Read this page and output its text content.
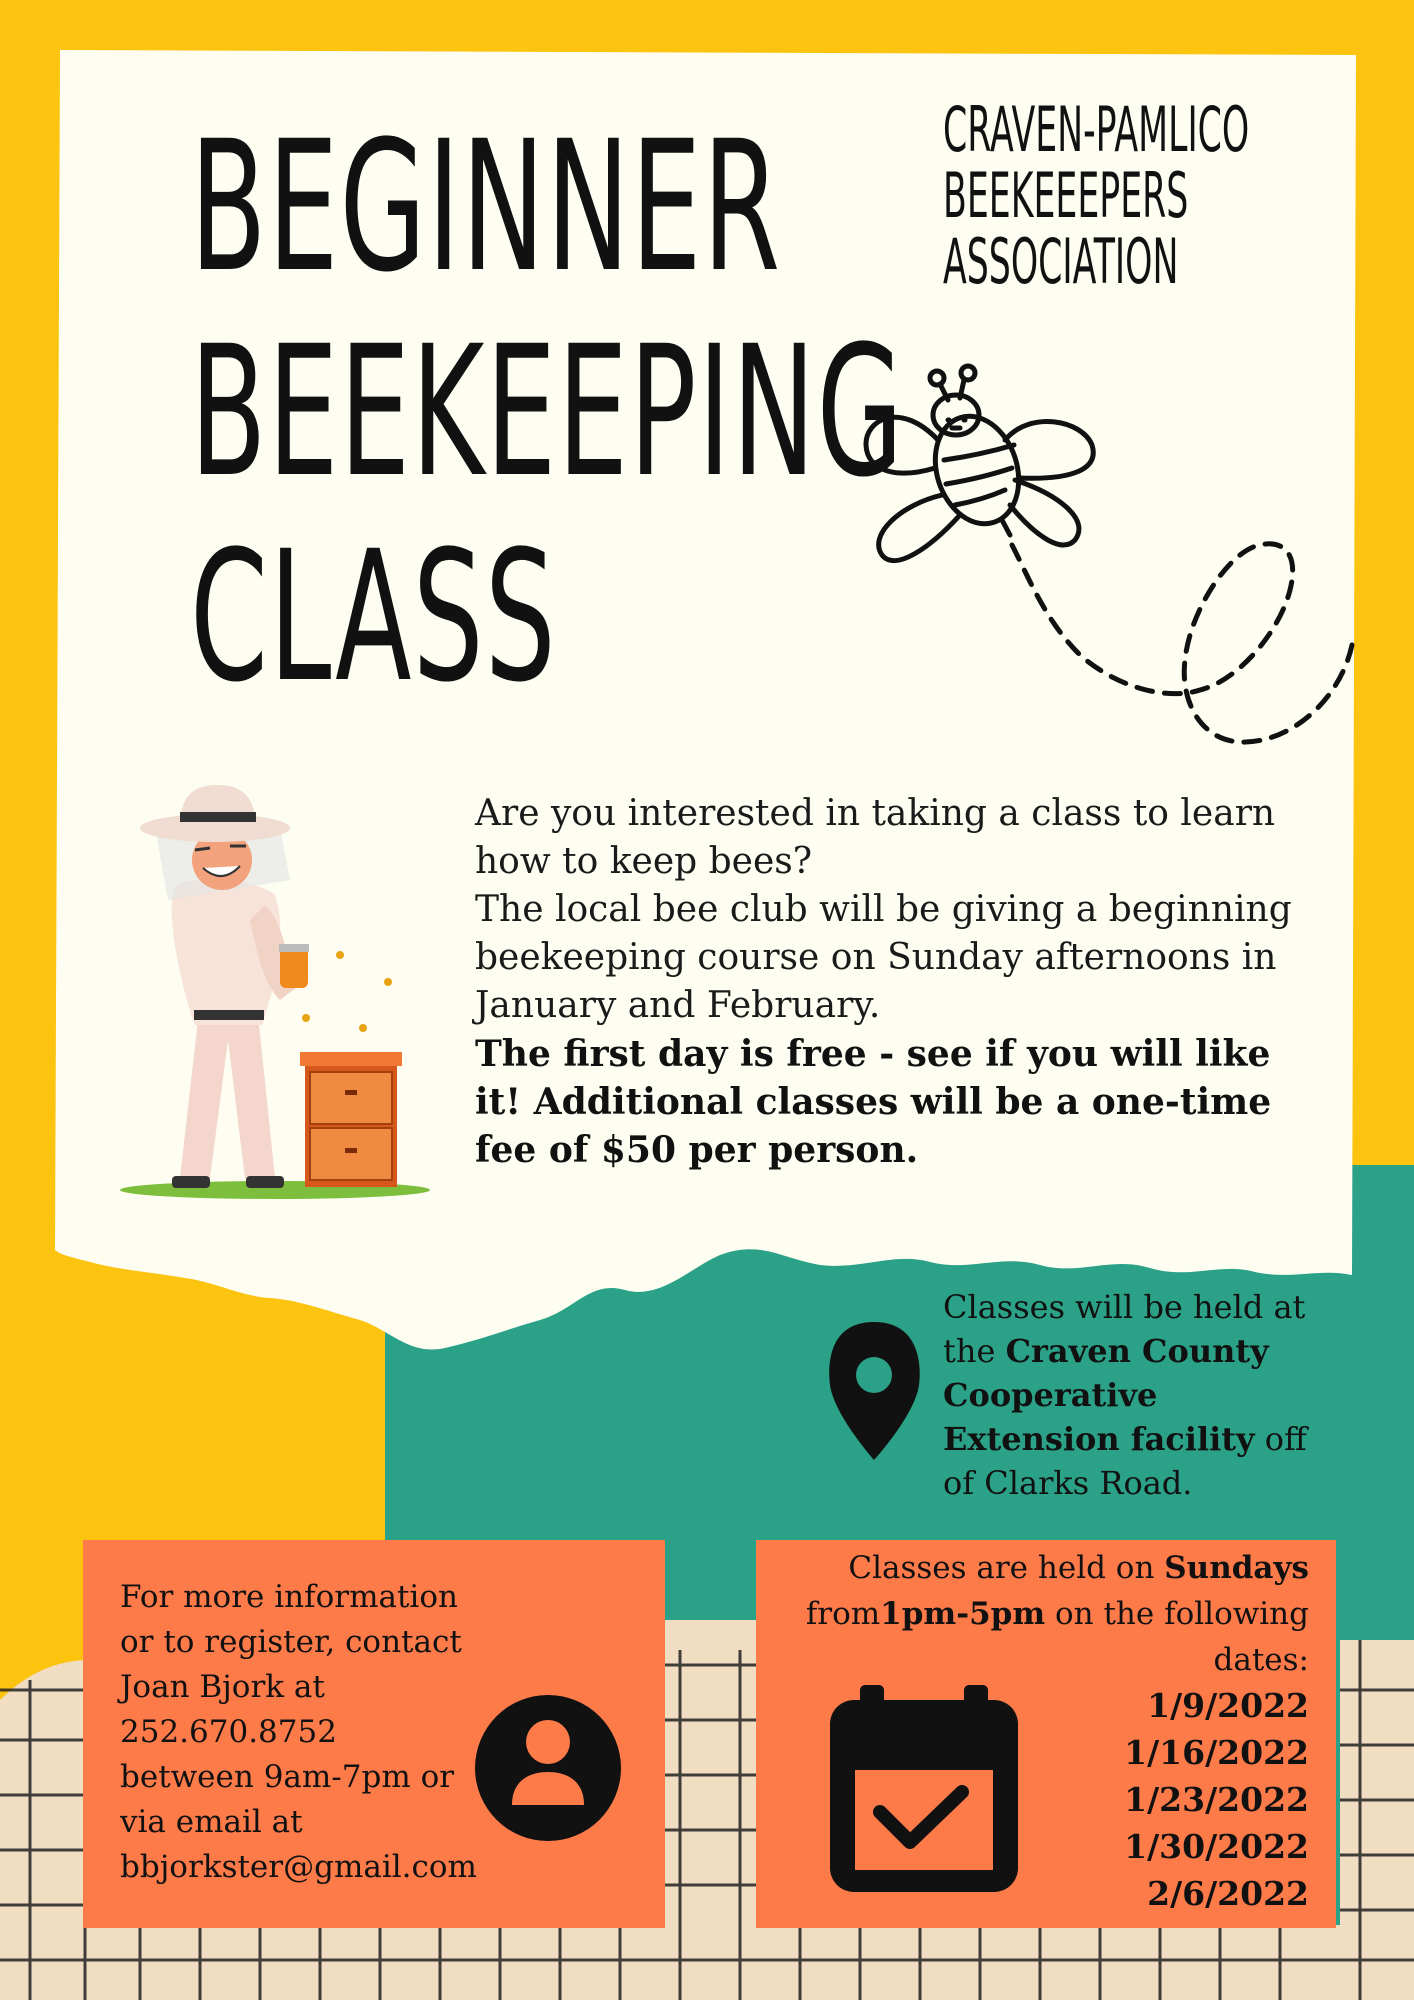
BEGINNER
BEEKEEPING
CLASS
CRAVEN-PAMLICO
BEEKEEEPERS
ASSOCIATION

Are you interested in taking a class to learn how to keep bees?

The local bee club will be giving a beginning beekeeping course on Sunday afternoons in January and February.

The first day is free - see if you will like it! Additional classes will be a one-time fee of $50 per person.

Classes will be held at the Craven County Cooperative Extension facility off of Clarks Road.
For more information or to register, contact Joan Bjork at 252.670.8752 between 9am-7pm or via email at bbjorkster@gmail.com
Classes are held on Sundays
from1pm-5pm on the following dates:
1/9/2022
1/16/2022
1/23/2022
1/30/2022
2/6/2022
